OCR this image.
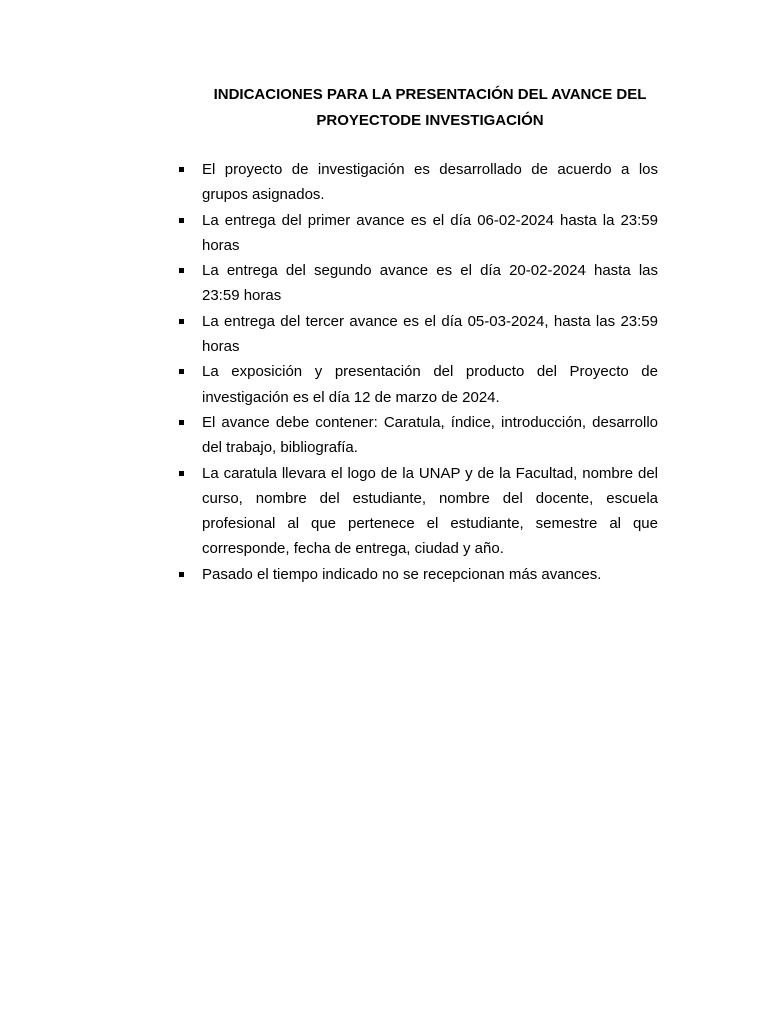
INDICACIONES PARA LA PRESENTACIÓN DEL AVANCE DEL
PROYECTODE INVESTIGACIÓN
El proyecto de investigación es desarrollado de acuerdo a los grupos asignados.
La entrega del primer avance es el día 06-02-2024 hasta la 23:59 horas
La entrega del segundo avance es el día 20-02-2024 hasta las 23:59 horas
La entrega del tercer avance es el día 05-03-2024, hasta las 23:59 horas
La exposición y presentación del producto del Proyecto de investigación es el día 12 de marzo de 2024.
El avance debe contener: Caratula, índice, introducción, desarrollo del trabajo, bibliografía.
La caratula llevara el logo de la UNAP y de la Facultad, nombre del curso, nombre del estudiante, nombre del docente, escuela profesional al que pertenece el estudiante, semestre al que corresponde, fecha de entrega, ciudad y año.
Pasado el tiempo indicado no se recepcionan más avances.
